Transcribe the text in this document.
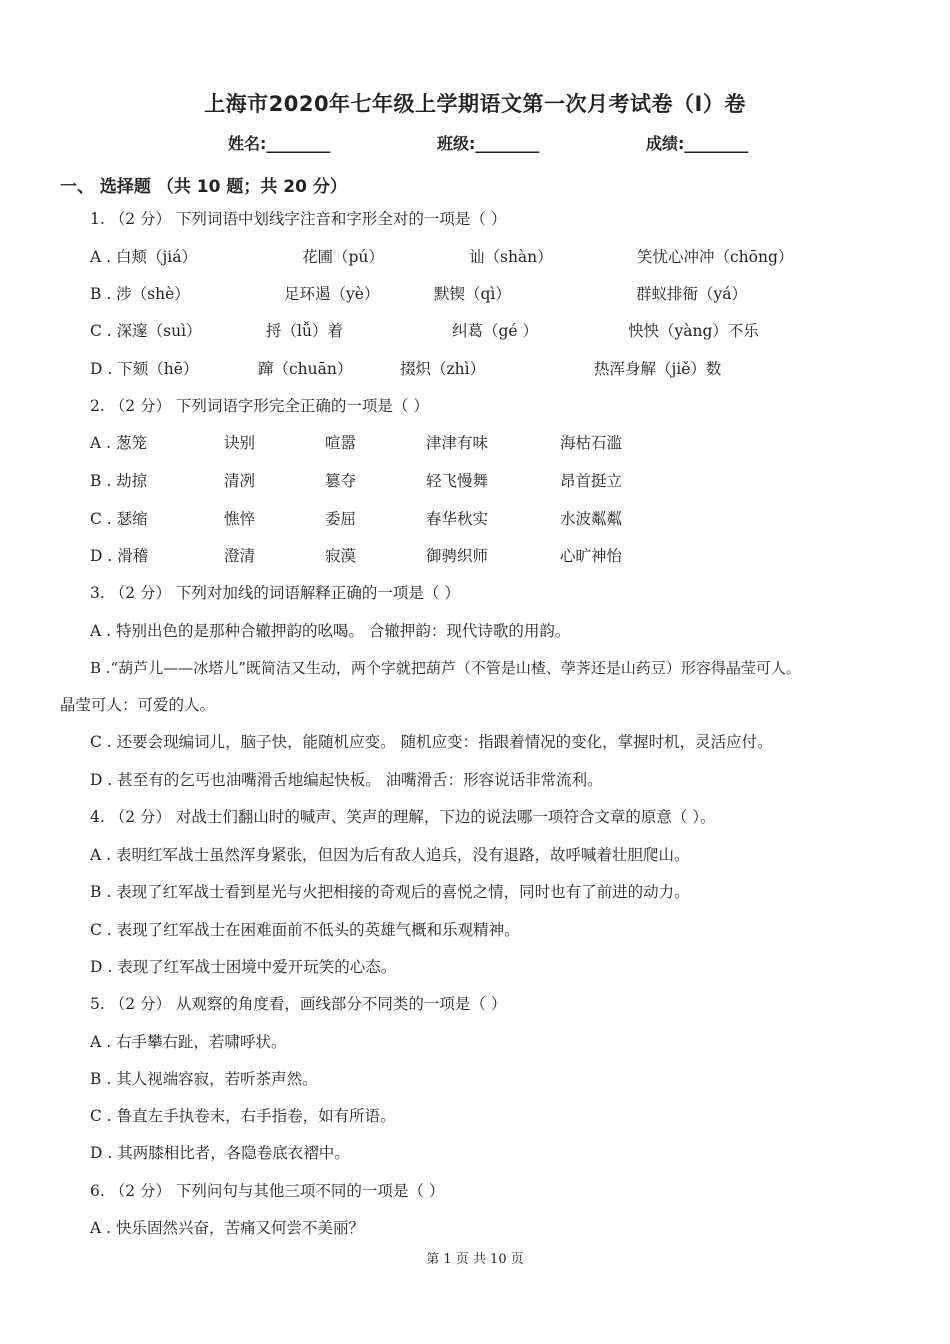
上海市2020年七年级上学期语文第一次月考试卷（I）卷
姓名:________	班级:________	成绩:________
一、 选择题 （共 10 题；共 20 分）
1. （2 分） 下列词语中划线字注音和字形全对的一项是（ ）
A . 白颊（jiá）	花圃（pú）	讪（shàn）	笑忧心冲冲（chōng）
B . 涉（shè）	足环遏（yè）	默锲（qì）	群蚁排衙（yá）
C . 深邃（suì）	捋（lǚ）着	纠葛（gé ）	怏怏（yàng）不乐
D . 下颏（hē）	蹿（chuān）	掇炽（zhì）	热浑身解（jiě）数
2. （2 分） 下列词语字形完全正确的一项是（ ）
A . 葱笼	诀别	喧嚣	津津有味	海枯石滥
B . 劫掠	清冽	篡夺	轻飞慢舞	昂首挺立
C . 瑟缩	憔悴	委屈	春华秋实	水波粼粼
D . 滑稽	澄清	寂漠	御骋织师	心旷神怡
3. （2 分） 下列对加线的词语解释正确的一项是（ ）
A . 特别出色的是那种合辙押韵的吆喝。 合辙押韵：现代诗歌的用韵。
B .“葫芦儿——冰塔儿”既简洁又生动，两个字就把葫芦（不管是山楂、荸荠还是山药豆）形容得晶莹可人。
晶莹可人：可爱的人。
C . 还要会现编词儿，脑子快，能随机应变。 随机应变：指跟着情况的变化，掌握时机，灵活应付。
D . 甚至有的乞丐也油嘴滑舌地编起快板。 油嘴滑舌：形容说话非常流利。
4. （2 分） 对战士们翻山时的喊声、笑声的理解，下边的说法哪一项符合文章的原意（ ）。
A . 表明红军战士虽然浑身紧张，但因为后有敌人追兵，没有退路，故呼喊着壮胆爬山。
B . 表现了红军战士看到星光与火把相接的奇观后的喜悦之情，同时也有了前进的动力。
C . 表现了红军战士在困难面前不低头的英雄气概和乐观精神。
D . 表现了红军战士困境中爱开玩笑的心态。
5. （2 分） 从观察的角度看，画线部分不同类的一项是（ ）
A . 右手攀右趾，若啸呼状。
B . 其人视端容寂，若听茶声然。
C . 鲁直左手执卷末，右手指卷，如有所语。
D . 其两膝相比者，各隐卷底衣褶中。
6. （2 分） 下列问句与其他三项不同的一项是（ ）
A . 快乐固然兴奋，苦痛又何尝不美丽？
第 1 页 共 10 页
